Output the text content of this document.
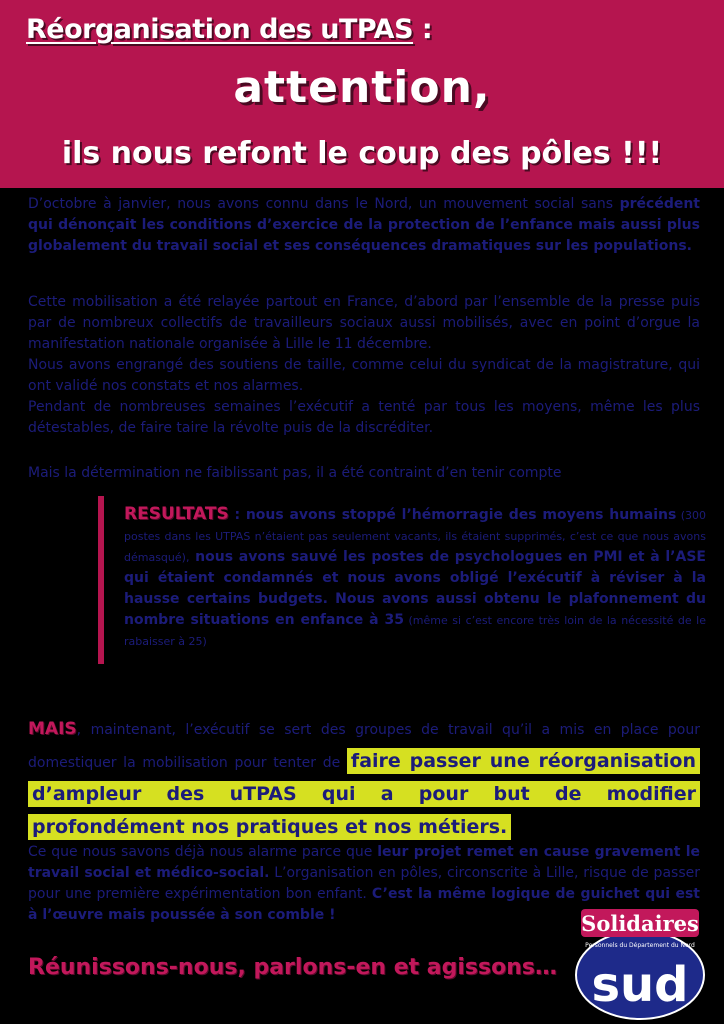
Réorganisation des uTPAS :
attention,
ils nous refont le coup des pôles !!!

D’octobre à janvier, nous avons connu dans le Nord, un mouvement social sans précédent qui dénonçait les conditions d’exercice de la protection de l’enfance mais aussi plus globalement du travail social et ses conséquences dramatiques sur les populations.

Cette mobilisation a été relayée partout en France, d’abord par l’ensemble de la presse puis par de nombreux collectifs de travailleurs sociaux aussi mobilisés, avec en point d’orgue la manifestation nationale organisée à Lille le 11 décembre.
Nous avons engrangé des soutiens de taille, comme celui du syndicat de la magistrature, qui ont validé nos constats et nos alarmes.
Pendant de nombreuses semaines l’exécutif a tenté par tous les moyens, même les plus détestables, de faire taire la révolte puis de la discréditer.

Mais la détermination ne faiblissant pas, il a été contraint d’en tenir compte

RESULTATS : nous avons stoppé l’hémorragie des moyens humains (300 postes dans les UTPAS n’étaient pas seulement vacants, ils étaient supprimés, c’est ce que nous avons démasqué), nous avons sauvé les postes de psychologues en PMI et à l’ASE qui étaient condamnés et nous avons obligé l’exécutif à réviser à la hausse certains budgets. Nous avons aussi obtenu le plafonnement du nombre situations en enfance à 35 (même si c’est encore très loin de la nécessité de le rabaisser à 25)

MAIS, maintenant, l’exécutif se sert des groupes de travail qu’il a mis en place pour domestiquer la mobilisation pour tenter de faire passer une réorganisation d’ampleur des uTPAS qui a pour but de modifier profondément nos pratiques et nos métiers.

Ce que nous savons déjà nous alarme parce que leur projet remet en cause gravement le travail social et médico-social. L’organisation en pôles, circonscrite à Lille, risque de passer pour une première expérimentation bon enfant. C’est la même logique de guichet qui est à l’œuvre mais poussée à son comble !

Réunissons-nous, parlons-en et agissons…
Solidaires
Personnels du Département du Nord
sud
